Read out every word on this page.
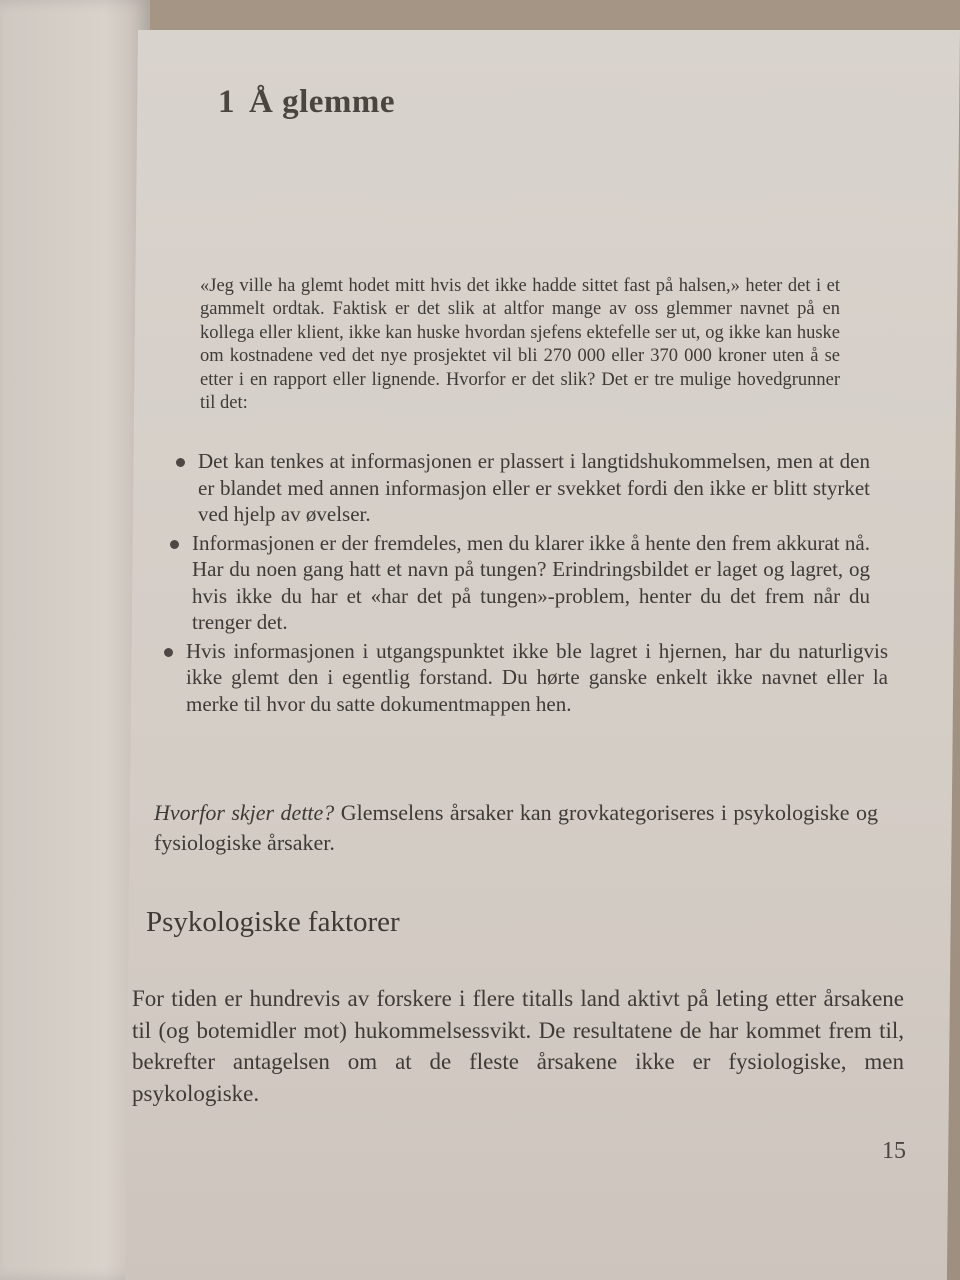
1 Å glemme

«Jeg ville ha glemt hodet mitt hvis det ikke hadde sittet fast på halsen,» heter det i et gammelt ordtak. Faktisk er det slik at altfor mange av oss glemmer navnet på en kollega eller klient, ikke kan huske hvordan sjefens ektefelle ser ut, og ikke kan huske om kostnadene ved det nye prosjektet vil bli 270 000 eller 370 000 kroner uten å se etter i en rapport eller lignende. Hvorfor er det slik? Det er tre mulige hovedgrunner til det:

Det kan tenkes at informasjonen er plassert i langtidshukommelsen, men at den er blandet med annen informasjon eller er svekket fordi den ikke er blitt styrket ved hjelp av øvelser.
Informasjonen er der fremdeles, men du klarer ikke å hente den frem akkurat nå. Har du noen gang hatt et navn på tungen? Erindringsbildet er laget og lagret, og hvis ikke du har et «har det på tungen»-problem, henter du det frem når du trenger det.
Hvis informasjonen i utgangspunktet ikke ble lagret i hjernen, har du naturligvis ikke glemt den i egentlig forstand. Du hørte ganske enkelt ikke navnet eller la merke til hvor du satte dokumentmappen hen.

Hvorfor skjer dette? Glemselens årsaker kan grovkategoriseres i psykologiske og fysiologiske årsaker.

Psykologiske faktorer

For tiden er hundrevis av forskere i flere titalls land aktivt på leting etter årsakene til (og botemidler mot) hukommelsessvikt. De resultatene de har kommet frem til, bekrefter antagelsen om at de fleste årsakene ikke er fysiologiske, men psykologiske.

15
